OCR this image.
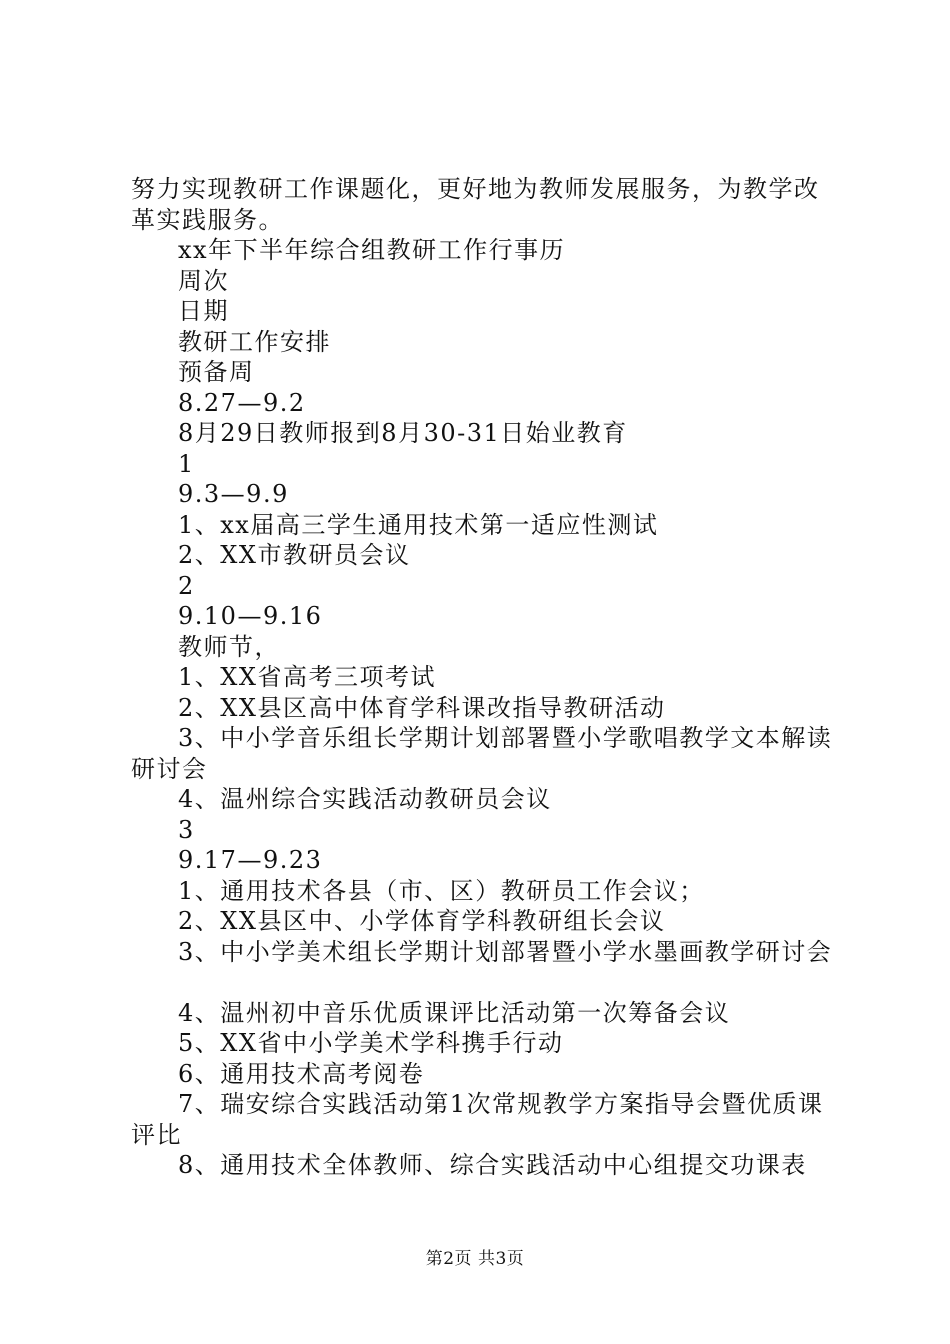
努力实现教研工作课题化，更好地为教师发展服务，为教学改革实践服务。

xx年下半年综合组教研工作行事历

周次

日期

教研工作安排

预备周

8.27—9.2

8月29日教师报到8月30-31日始业教育

1

9.3—9.9

1、xx届高三学生通用技术第一适应性测试

2、XX市教研员会议

2

9.10—9.16

教师节，

1、XX省高考三项考试

2、XX县区高中体育学科课改指导教研活动

3、中小学音乐组长学期计划部署暨小学歌唱教学文本解读研讨会

4、温州综合实践活动教研员会议

3

9.17—9.23

1、通用技术各县（市、区）教研员工作会议；

2、XX县区中、小学体育学科教研组长会议

3、中小学美术组长学期计划部署暨小学水墨画教学研讨会

4、温州初中音乐优质课评比活动第一次筹备会议

5、XX省中小学美术学科携手行动

6、通用技术高考阅卷

7、瑞安综合实践活动第1次常规教学方案指导会暨优质课评比

8、通用技术全体教师、综合实践活动中心组提交功课表

第2页 共3页
